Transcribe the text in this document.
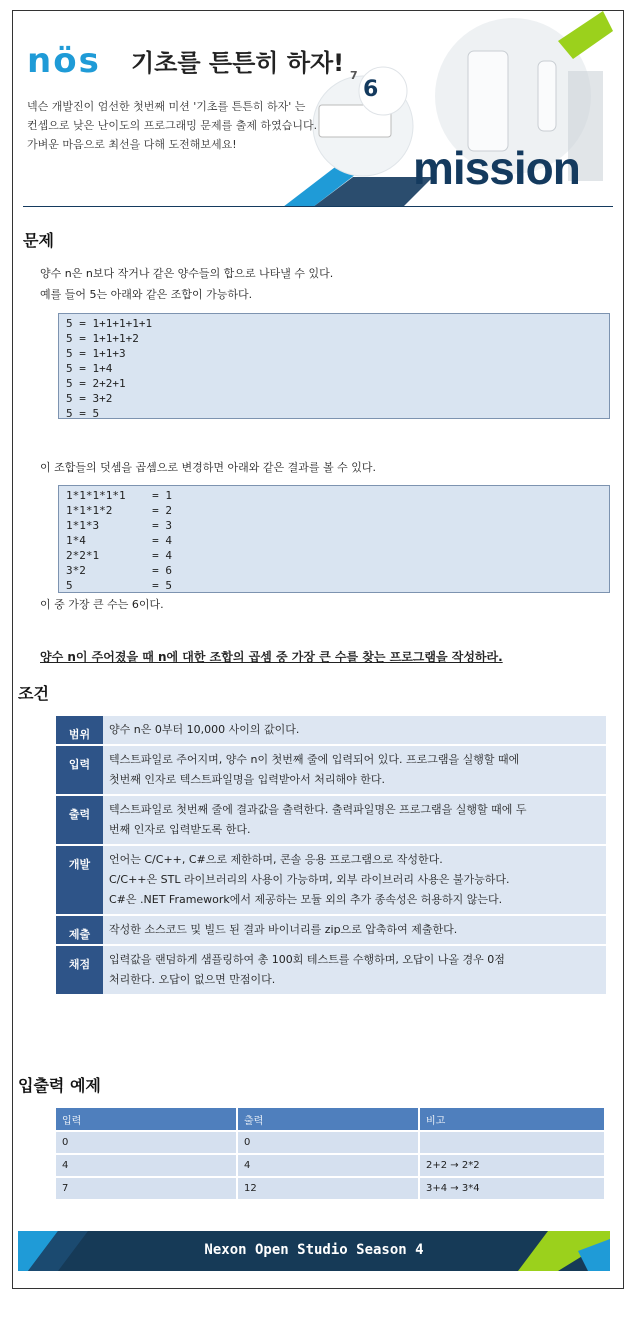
nös 기초를 튼튼히 하자!
넥슨 개발진이 엄선한 첫번째 미션 '기초를 튼튼히 하자' 는
컨셉으로 낮은 난이도의 프로그래밍 문제를 출제 하였습니다.
가벼운 마음으로 최선을 다해 도전해보세요!
6
7
mission
문제
양수 n은 n보다 작거나 같은 양수들의 합으로 나타낼 수 있다.
예를 들어 5는 아래와 같은 조합이 가능하다.
5 = 1+1+1+1+1
5 = 1+1+1+2
5 = 1+1+3
5 = 1+4
5 = 2+2+1
5 = 3+2
5 = 5
이 조합들의 덧셈을 곱셈으로 변경하면 아래와 같은 결과를 볼 수 있다.
1*1*1*1*1    = 1
1*1*1*2      = 2
1*1*3        = 3
1*4          = 4
2*2*1        = 4
3*2          = 6
5            = 5
이 중 가장 큰 수는 6이다.
양수 n이 주어졌을 때 n에 대한 조합의 곱셈 중 가장 큰 수를 찾는 프로그램을 작성하라.
조건
범위	양수 n은 0부터 10,000 사이의 값이다.
입력	텍스트파일로 주어지며, 양수 n이 첫번째 줄에 입력되어 있다. 프로그램을 실행할 때에
첫번째 인자로 텍스트파일명을 입력받아서 처리해야 한다.
출력	텍스트파일로 첫번째 줄에 결과값을 출력한다. 출력파일명은 프로그램을 실행할 때에 두
번째 인자로 입력받도록 한다.
개발	언어는 C/C++, C#으로 제한하며, 콘솔 응용 프로그램으로 작성한다.
C/C++은 STL 라이브러리의 사용이 가능하며, 외부 라이브러리 사용은 불가능하다.
C#은 .NET Framework에서 제공하는 모듈 외의 추가 종속성은 허용하지 않는다.
제출	작성한 소스코드 및 빌드 된 결과 바이너리를 zip으로 압축하여 제출한다.
채점	입력값을 랜덤하게 샘플링하여 총 100회 테스트를 수행하며, 오답이 나올 경우 0점
처리한다. 오답이 없으면 만점이다.
입출력 예제
입력	출력	비고
0	0	
4	4	2+2 → 2*2
7	12	3+4 → 3*4
Nexon Open Studio Season 4
